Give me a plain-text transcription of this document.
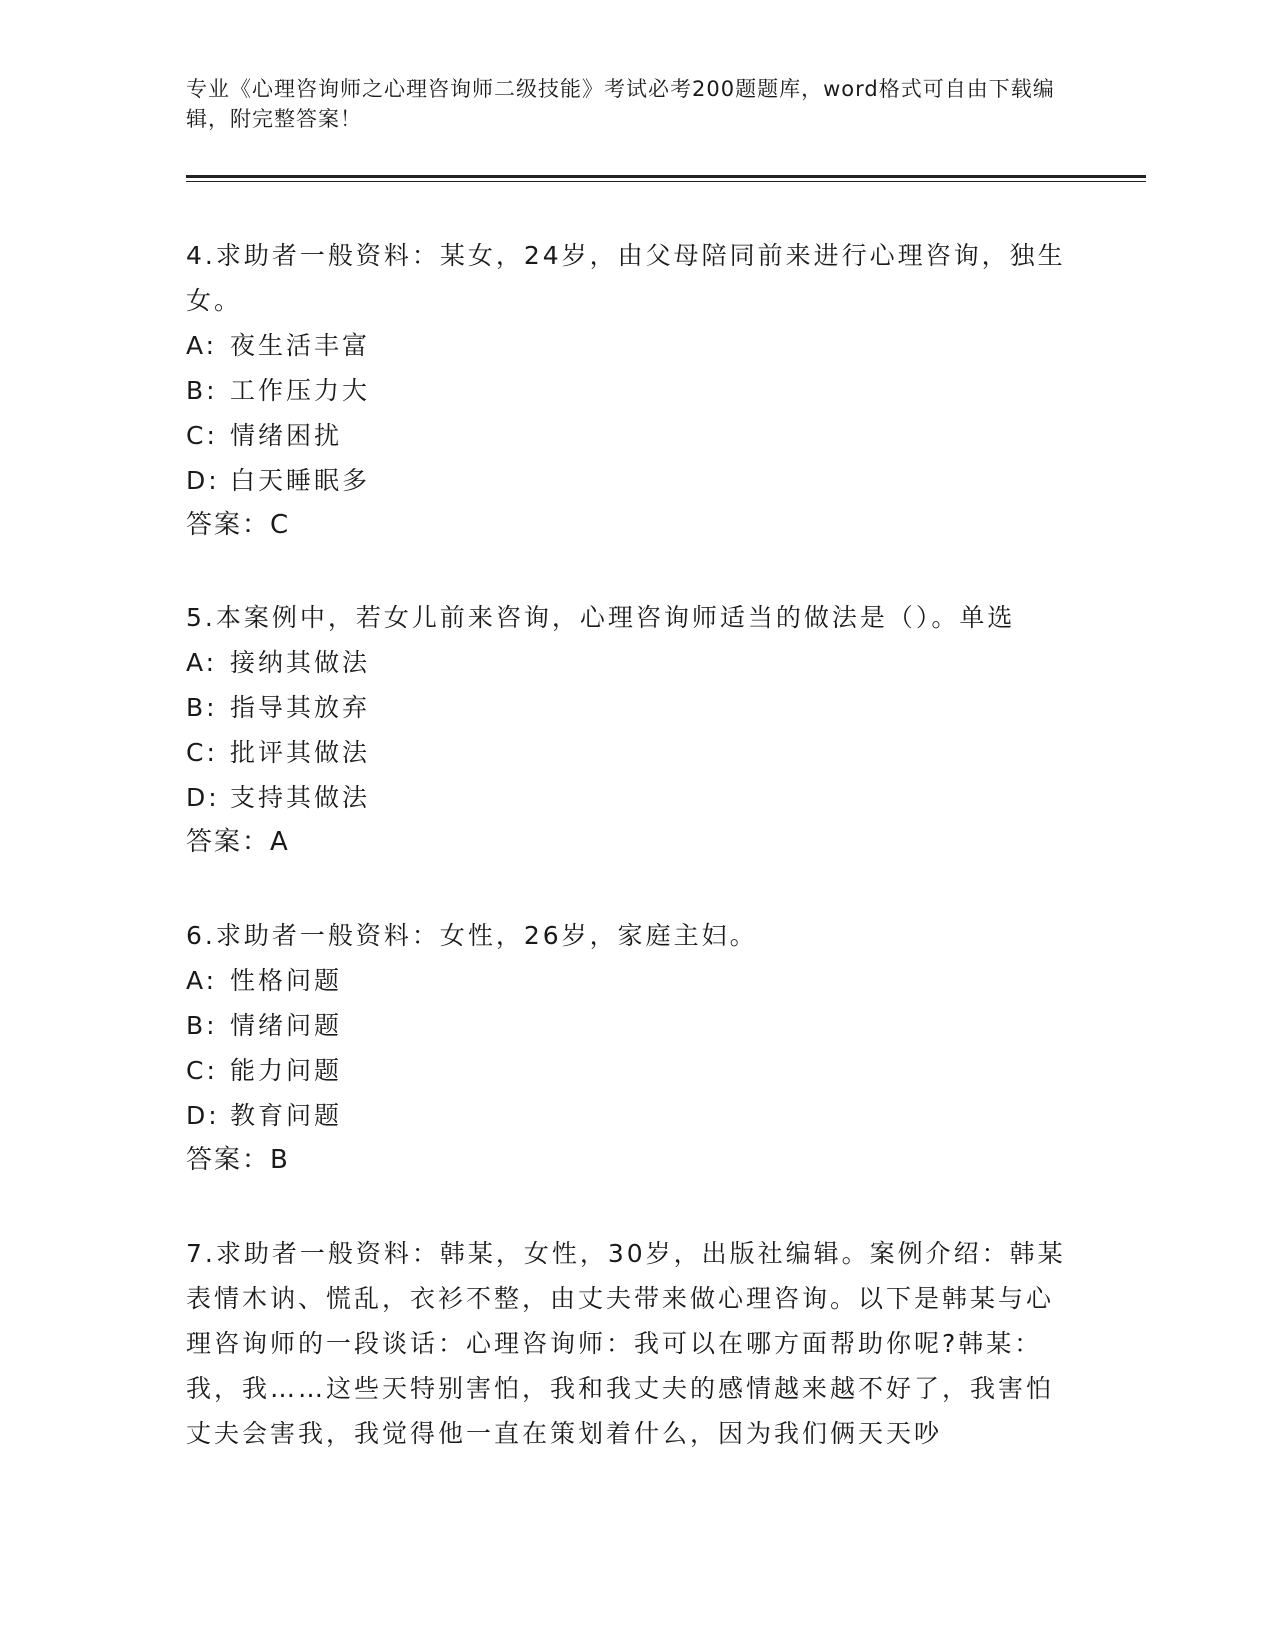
专业《心理咨询师之心理咨询师二级技能》考试必考200题题库，word格式可自由下载编辑，附完整答案！
4.求助者一般资料：某女，24岁，由父母陪同前来进行心理咨询，独生女。
A: 夜生活丰富
B: 工作压力大
C: 情绪困扰
D: 白天睡眠多
答案：C
5.本案例中，若女儿前来咨询，心理咨询师适当的做法是（）。单选
A: 接纳其做法
B: 指导其放弃
C: 批评其做法
D: 支持其做法
答案：A
6.求助者一般资料：女性，26岁，家庭主妇。
A: 性格问题
B: 情绪问题
C: 能力问题
D: 教育问题
答案：B
7.求助者一般资料：韩某，女性，30岁，出版社编辑。案例介绍：韩某表情木讷、慌乱，衣衫不整，由丈夫带来做心理咨询。以下是韩某与心理咨询师的一段谈话：心理咨询师：我可以在哪方面帮助你呢?韩某：我，我……这些天特别害怕，我和我丈夫的感情越来越不好了，我害怕丈夫会害我，我觉得他一直在策划着什么，因为我们俩天天吵
